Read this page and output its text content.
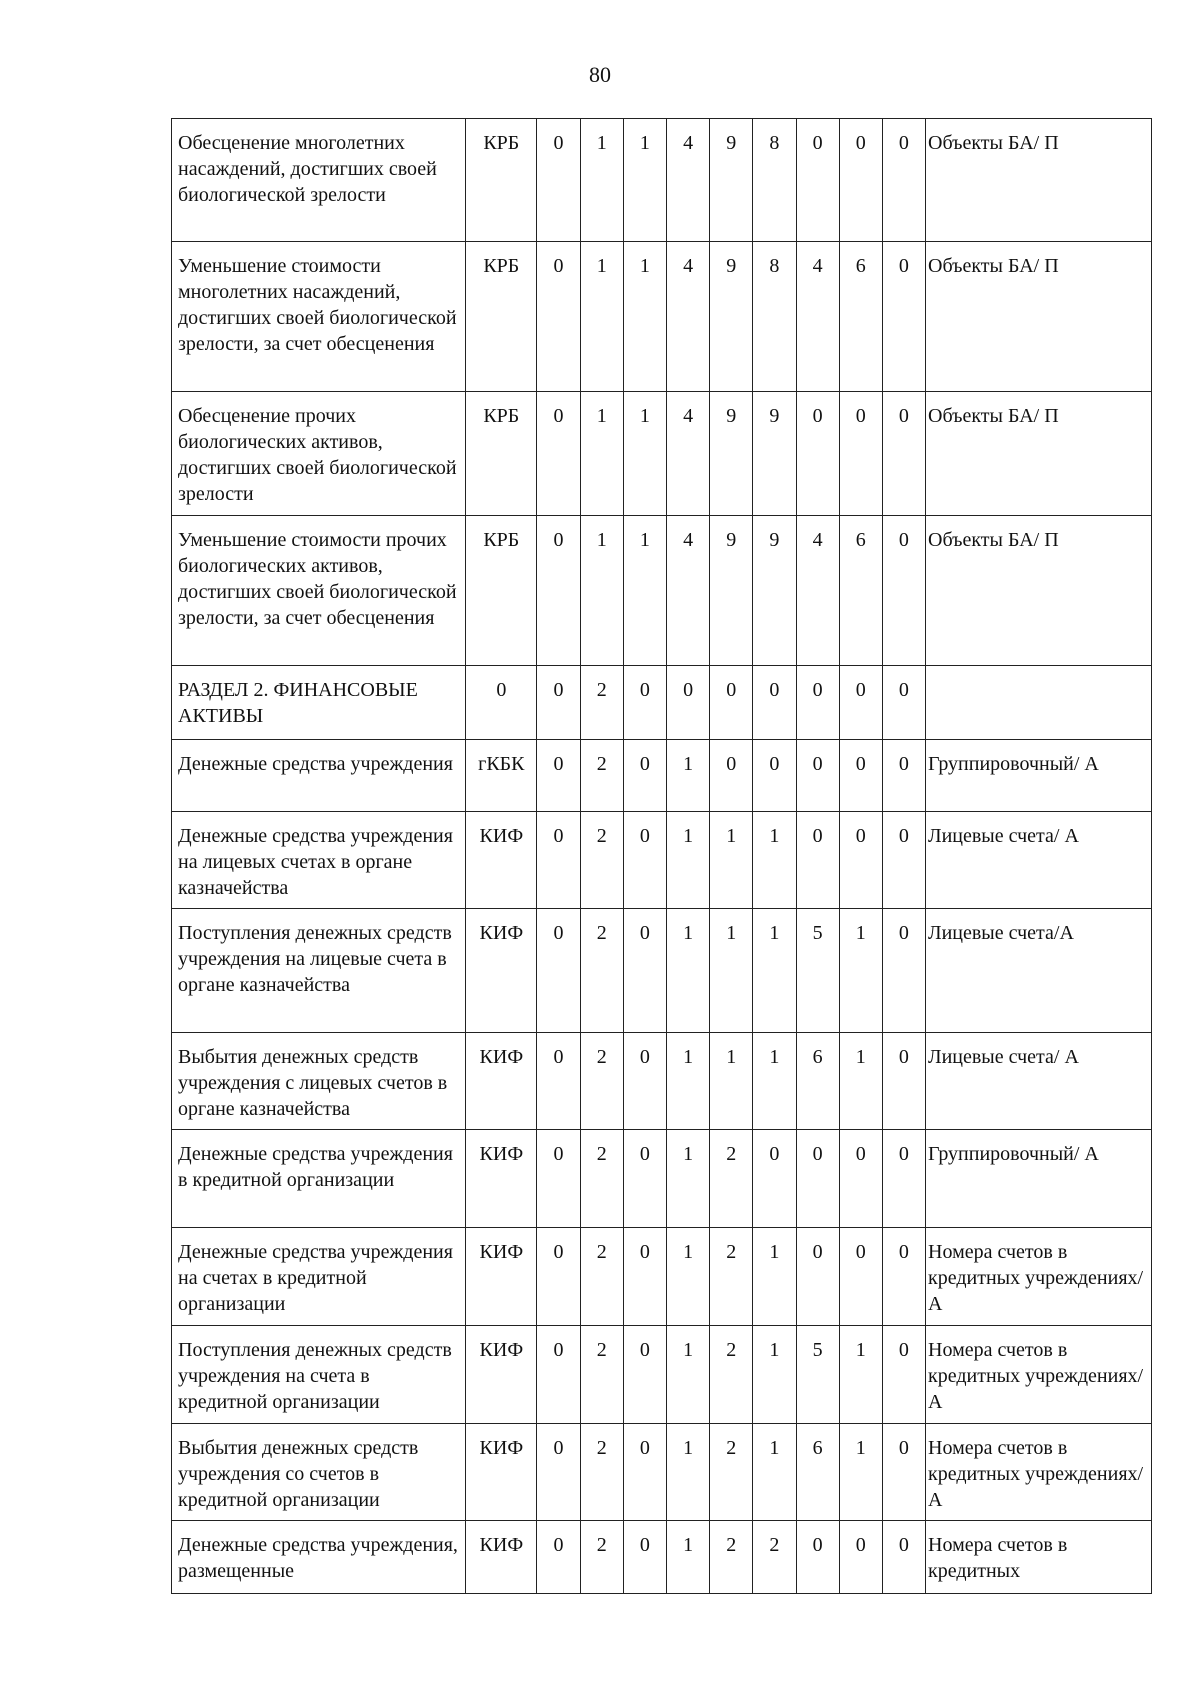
80
Обесценение многолетних насаждений, достигших своей биологической зрелости	КРБ	0	1	1	4	9	8	0	0	0	Объекты БА/ П
Уменьшение стоимости многолетних насаждений, достигших своей биологической зрелости, за счет обесценения	КРБ	0	1	1	4	9	8	4	6	0	Объекты БА/ П
Обесценение прочих биологических активов, достигших своей биологической зрелости	КРБ	0	1	1	4	9	9	0	0	0	Объекты БА/ П
Уменьшение стоимости прочих биологических активов, достигших своей биологической зрелости, за счет обесценения	КРБ	0	1	1	4	9	9	4	6	0	Объекты БА/ П
РАЗДЕЛ 2. ФИНАНСОВЫЕ АКТИВЫ	0	0	2	0	0	0	0	0	0	0	
Денежные средства учреждения	гКБК	0	2	0	1	0	0	0	0	0	Группировочный/ А
Денежные средства учреждения на лицевых счетах в органе казначейства	КИФ	0	2	0	1	1	1	0	0	0	Лицевые счета/ А
Поступления денежных средств учреждения на лицевые счета в органе казначейства	КИФ	0	2	0	1	1	1	5	1	0	Лицевые счета/А
Выбытия денежных средств учреждения с лицевых счетов в органе казначейства	КИФ	0	2	0	1	1	1	6	1	0	Лицевые счета/ А
Денежные средства учреждения в кредитной организации	КИФ	0	2	0	1	2	0	0	0	0	Группировочный/ А
Денежные средства учреждения на счетах в кредитной организации	КИФ	0	2	0	1	2	1	0	0	0	Номера счетов в кредитных учреждениях/ А
Поступления денежных средств учреждения на счета в кредитной организации	КИФ	0	2	0	1	2	1	5	1	0	Номера счетов в кредитных учреждениях/ А
Выбытия денежных средств учреждения со счетов в кредитной организации	КИФ	0	2	0	1	2	1	6	1	0	Номера счетов в кредитных учреждениях/ А
Денежные средства учреждения, размещенные	КИФ	0	2	0	1	2	2	0	0	0	Номера счетов в кредитных
